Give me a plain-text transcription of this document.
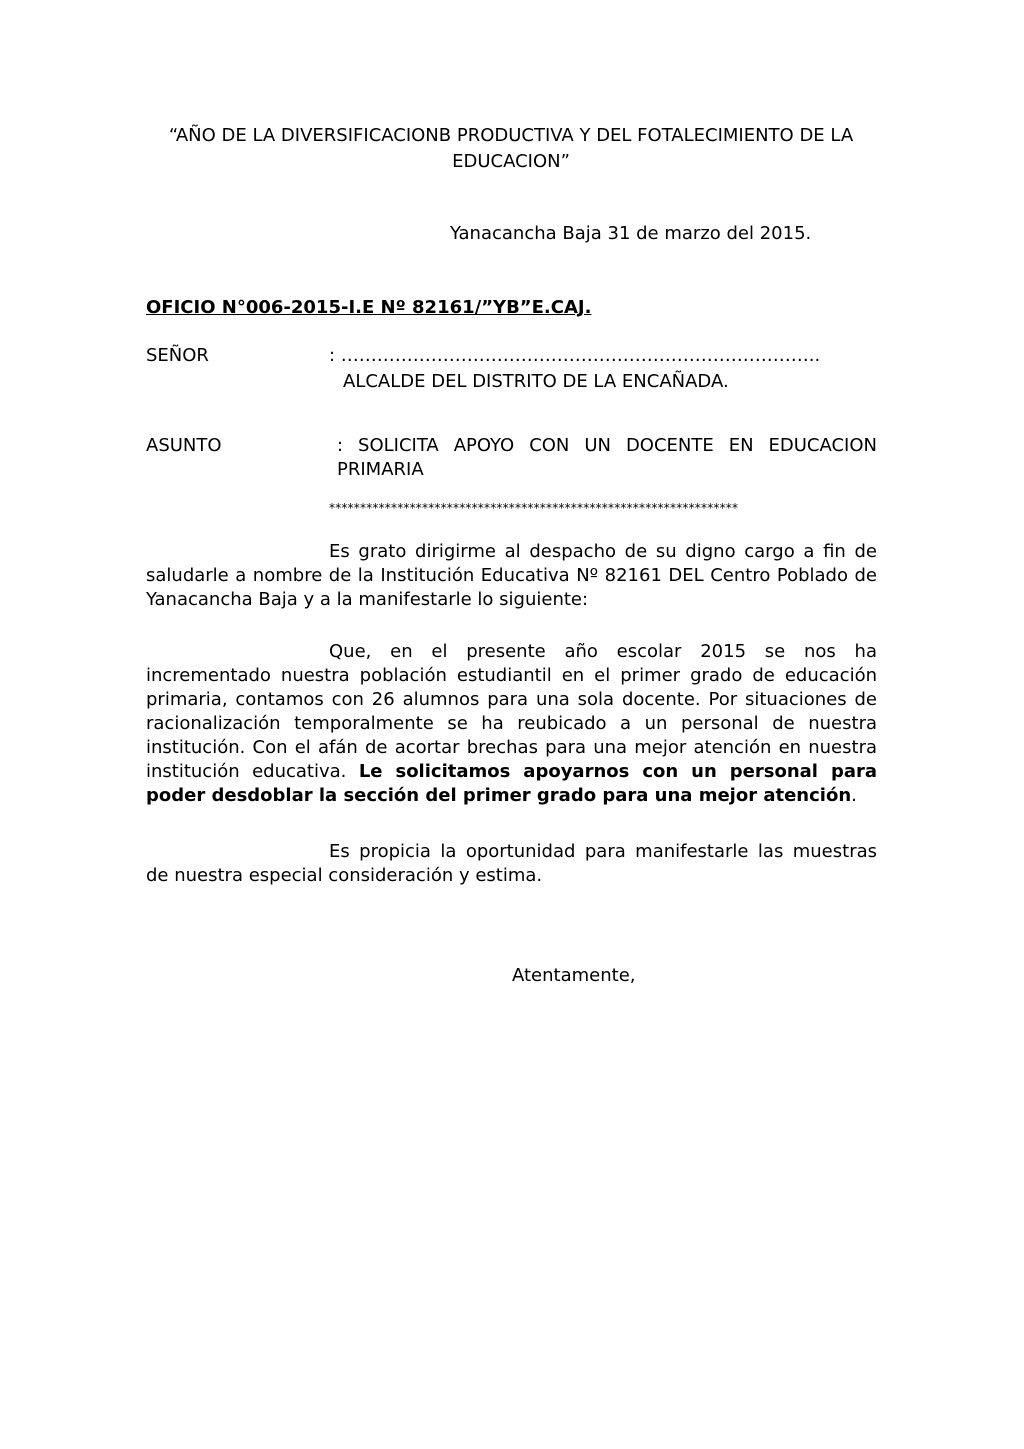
“AÑO DE LA DIVERSIFICACIONB PRODUCTIVA Y DEL FOTALECIMIENTO DE LA EDUCACION”
Yanacancha Baja 31 de marzo del 2015.
OFICIO N°006-2015-I.E Nº 82161/”YB”E.CAJ.
SEÑOR	: ……………………………………………………………………..
ALCALDE DEL DISTRITO DE LA ENCAÑADA.
ASUNTO	: SOLICITA APOYO CON UN DOCENTE EN EDUCACION PRIMARIA
******************************************************************
Es grato dirigirme al despacho de su digno cargo a fin de saludarle a nombre de la Institución Educativa Nº 82161 DEL Centro Poblado de Yanacancha Baja y a la manifestarle lo siguiente:
Que, en el presente año escolar 2015 se nos ha incrementado nuestra población estudiantil en el primer grado de educación primaria, contamos con 26 alumnos para una sola docente. Por situaciones de racionalización temporalmente se ha reubicado a un personal de nuestra institución. Con el afán de acortar brechas para una mejor atención en nuestra institución educativa. Le solicitamos apoyarnos con un personal para poder desdoblar la sección del primer grado para una mejor atención.
Es propicia la oportunidad para manifestarle las muestras de nuestra especial consideración y estima.
Atentamente,
